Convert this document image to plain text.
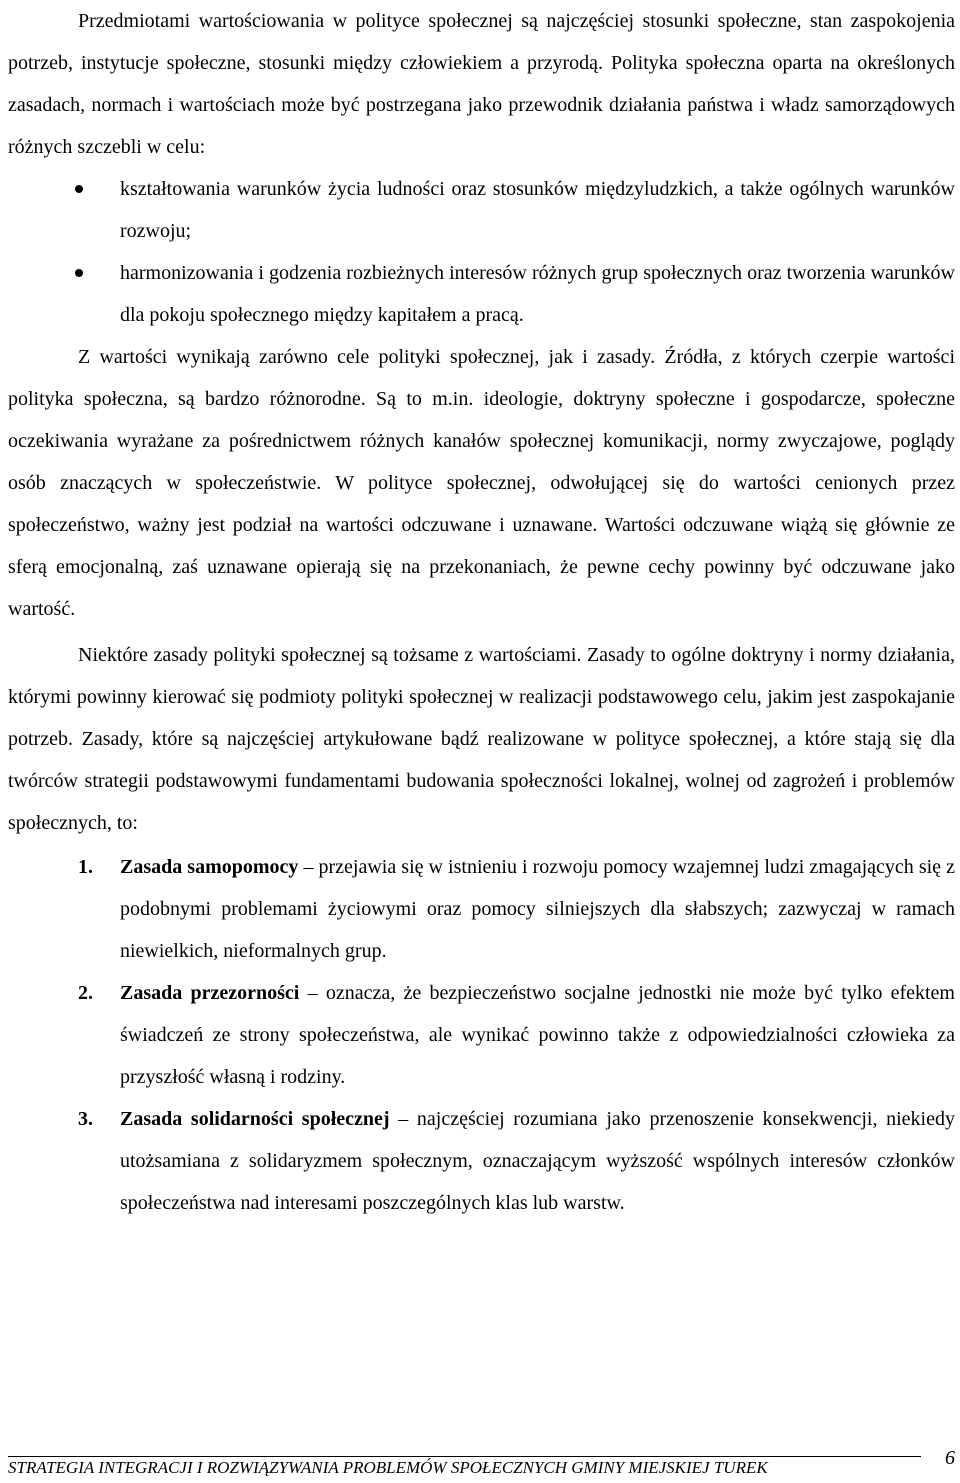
Przedmiotami wartościowania w polityce społecznej są najczęściej stosunki społeczne, stan zaspokojenia potrzeb, instytucje społeczne, stosunki między człowiekiem a przyrodą. Polityka społeczna oparta na określonych zasadach, normach i wartościach może być postrzegana jako przewodnik działania państwa i władz samorządowych różnych szczebli w celu:

kształtowania warunków życia ludności oraz stosunków międzyludzkich, a także ogólnych warunków rozwoju;
harmonizowania i godzenia rozbieżnych interesów różnych grup społecznych oraz tworzenia warunków dla pokoju społecznego między kapitałem a pracą.

Z wartości wynikają zarówno cele polityki społecznej, jak i zasady. Źródła, z których czerpie wartości polityka społeczna, są bardzo różnorodne. Są to m.in. ideologie, doktryny społeczne i gospodarcze, społeczne oczekiwania wyrażane za pośrednictwem różnych kanałów społecznej komunikacji, normy zwyczajowe, poglądy osób znaczących w społeczeństwie. W polityce społecznej, odwołującej się do wartości cenionych przez społeczeństwo, ważny jest podział na wartości odczuwane i uznawane. Wartości odczuwane wiążą się głównie ze sferą emocjonalną, zaś uznawane opierają się na przekonaniach, że pewne cechy powinny być odczuwane jako wartość.

Niektóre zasady polityki społecznej są tożsame z wartościami. Zasady to ogólne doktryny i normy działania, którymi powinny kierować się podmioty polityki społecznej w realizacji podstawowego celu, jakim jest zaspokajanie potrzeb. Zasady, które są najczęściej artykułowane bądź realizowane w polityce społecznej, a które stają się dla twórców strategii podstawowymi fundamentami budowania społeczności lokalnej, wolnej od zagrożeń i problemów społecznych, to:

1. Zasada samopomocy – przejawia się w istnieniu i rozwoju pomocy wzajemnej ludzi zmagających się z podobnymi problemami życiowymi oraz pomocy silniejszych dla słabszych; zazwyczaj w ramach niewielkich, nieformalnych grup.
2. Zasada przezorności – oznacza, że bezpieczeństwo socjalne jednostki nie może być tylko efektem świadczeń ze strony społeczeństwa, ale wynikać powinno także z odpowiedzialności człowieka za przyszłość własną i rodziny.
3. Zasada solidarności społecznej – najczęściej rozumiana jako przenoszenie konsekwencji, niekiedy utożsamiana z solidaryzmem społecznym, oznaczającym wyższość wspólnych interesów członków społeczeństwa nad interesami poszczególnych klas lub warstw.
STRATEGIA INTEGRACJI I ROZWIĄZYWANIA PROBLEMÓW SPOŁECZNYCH GMINY MIEJSKIEJ TUREK	6
